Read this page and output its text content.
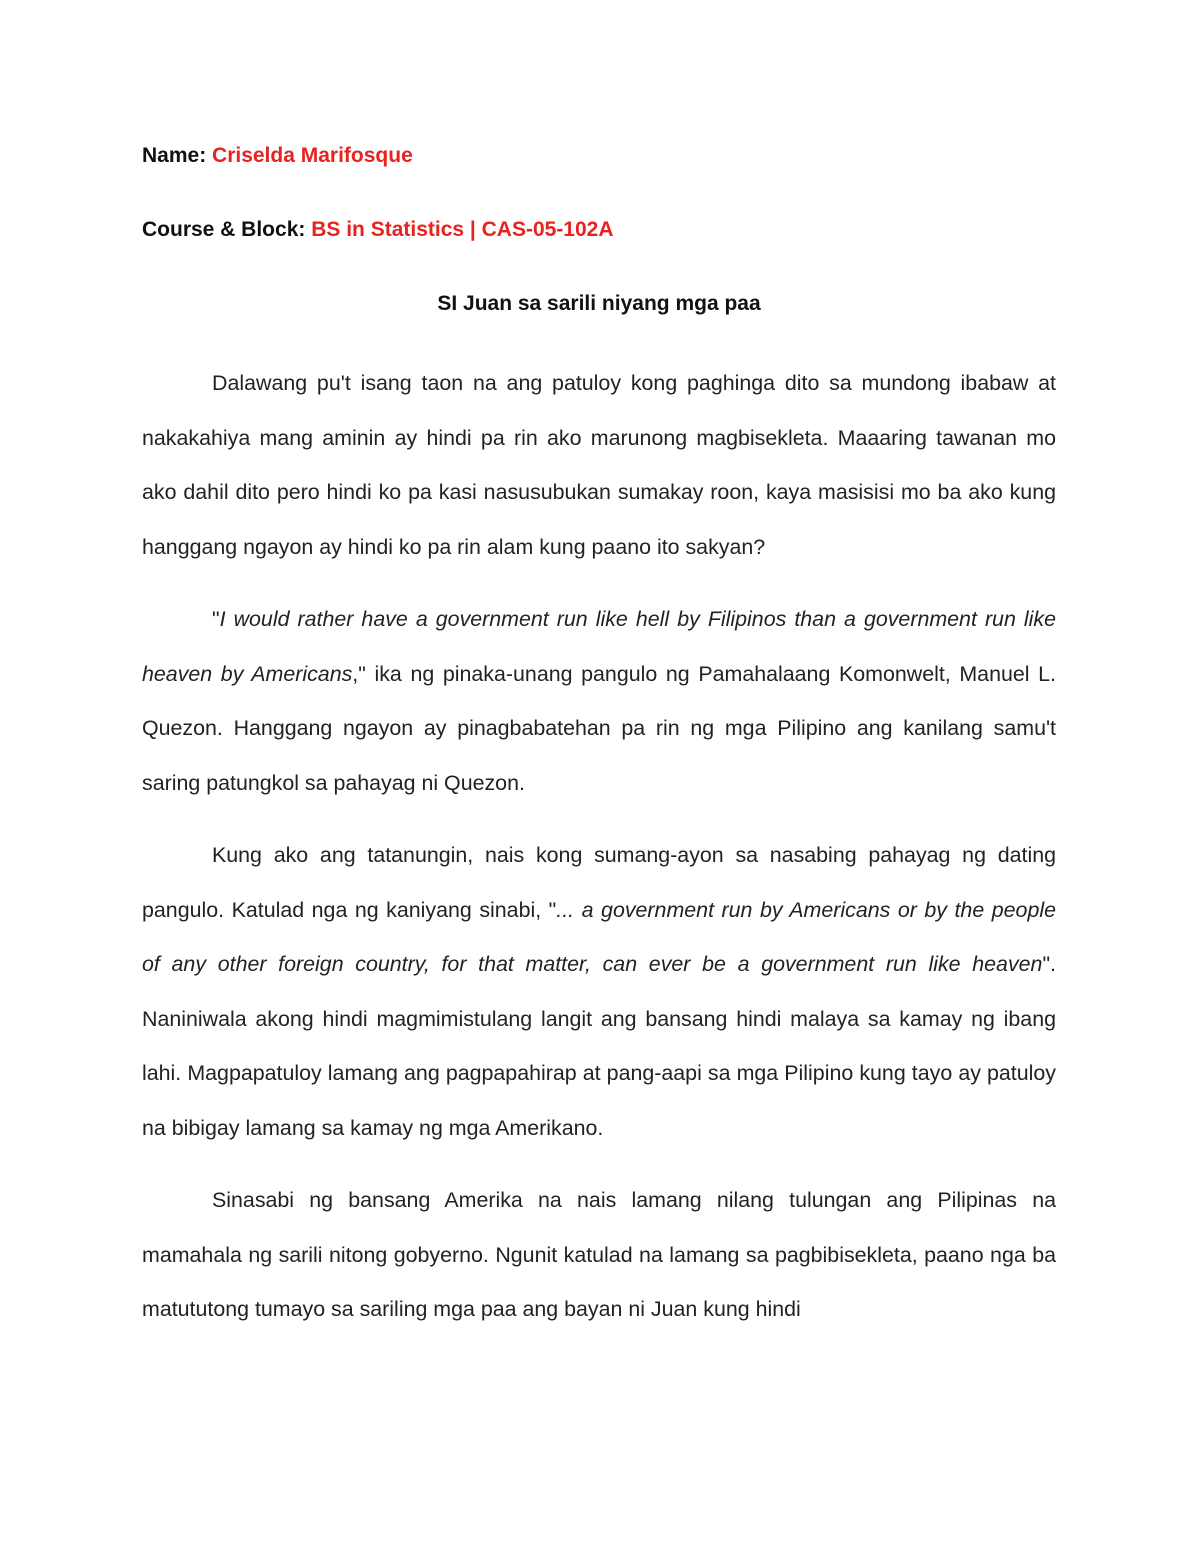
Name: Criselda Marifosque

Course & Block: BS in Statistics | CAS-05-102A

SI Juan sa sarili niyang mga paa

Dalawang pu't isang taon na ang patuloy kong paghinga dito sa mundong ibabaw at nakakahiya mang aminin ay hindi pa rin ako marunong magbisekleta. Maaaring tawanan mo ako dahil dito pero hindi ko pa kasi nasusubukan sumakay roon, kaya masisisi mo ba ako kung hanggang ngayon ay hindi ko pa rin alam kung paano ito sakyan?

"I would rather have a government run like hell by Filipinos than a government run like heaven by Americans," ika ng pinaka-unang pangulo ng Pamahalaang Komonwelt, Manuel L. Quezon. Hanggang ngayon ay pinagbabatehan pa rin ng mga Pilipino ang kanilang samu't saring patungkol sa pahayag ni Quezon.

Kung ako ang tatanungin, nais kong sumang-ayon sa nasabing pahayag ng dating pangulo. Katulad nga ng kaniyang sinabi, "... a government run by Americans or by the people of any other foreign country, for that matter, can ever be a government run like heaven". Naniniwala akong hindi magmimistulang langit ang bansang hindi malaya sa kamay ng ibang lahi. Magpapatuloy lamang ang pagpapahirap at pang-aapi sa mga Pilipino kung tayo ay patuloy na bibigay lamang sa kamay ng mga Amerikano.

Sinasabi ng bansang Amerika na nais lamang nilang tulungan ang Pilipinas na mamahala ng sarili nitong gobyerno. Ngunit katulad na lamang sa pagbibisekleta, paano nga ba matututong tumayo sa sariling mga paa ang bayan ni Juan kung hindi
